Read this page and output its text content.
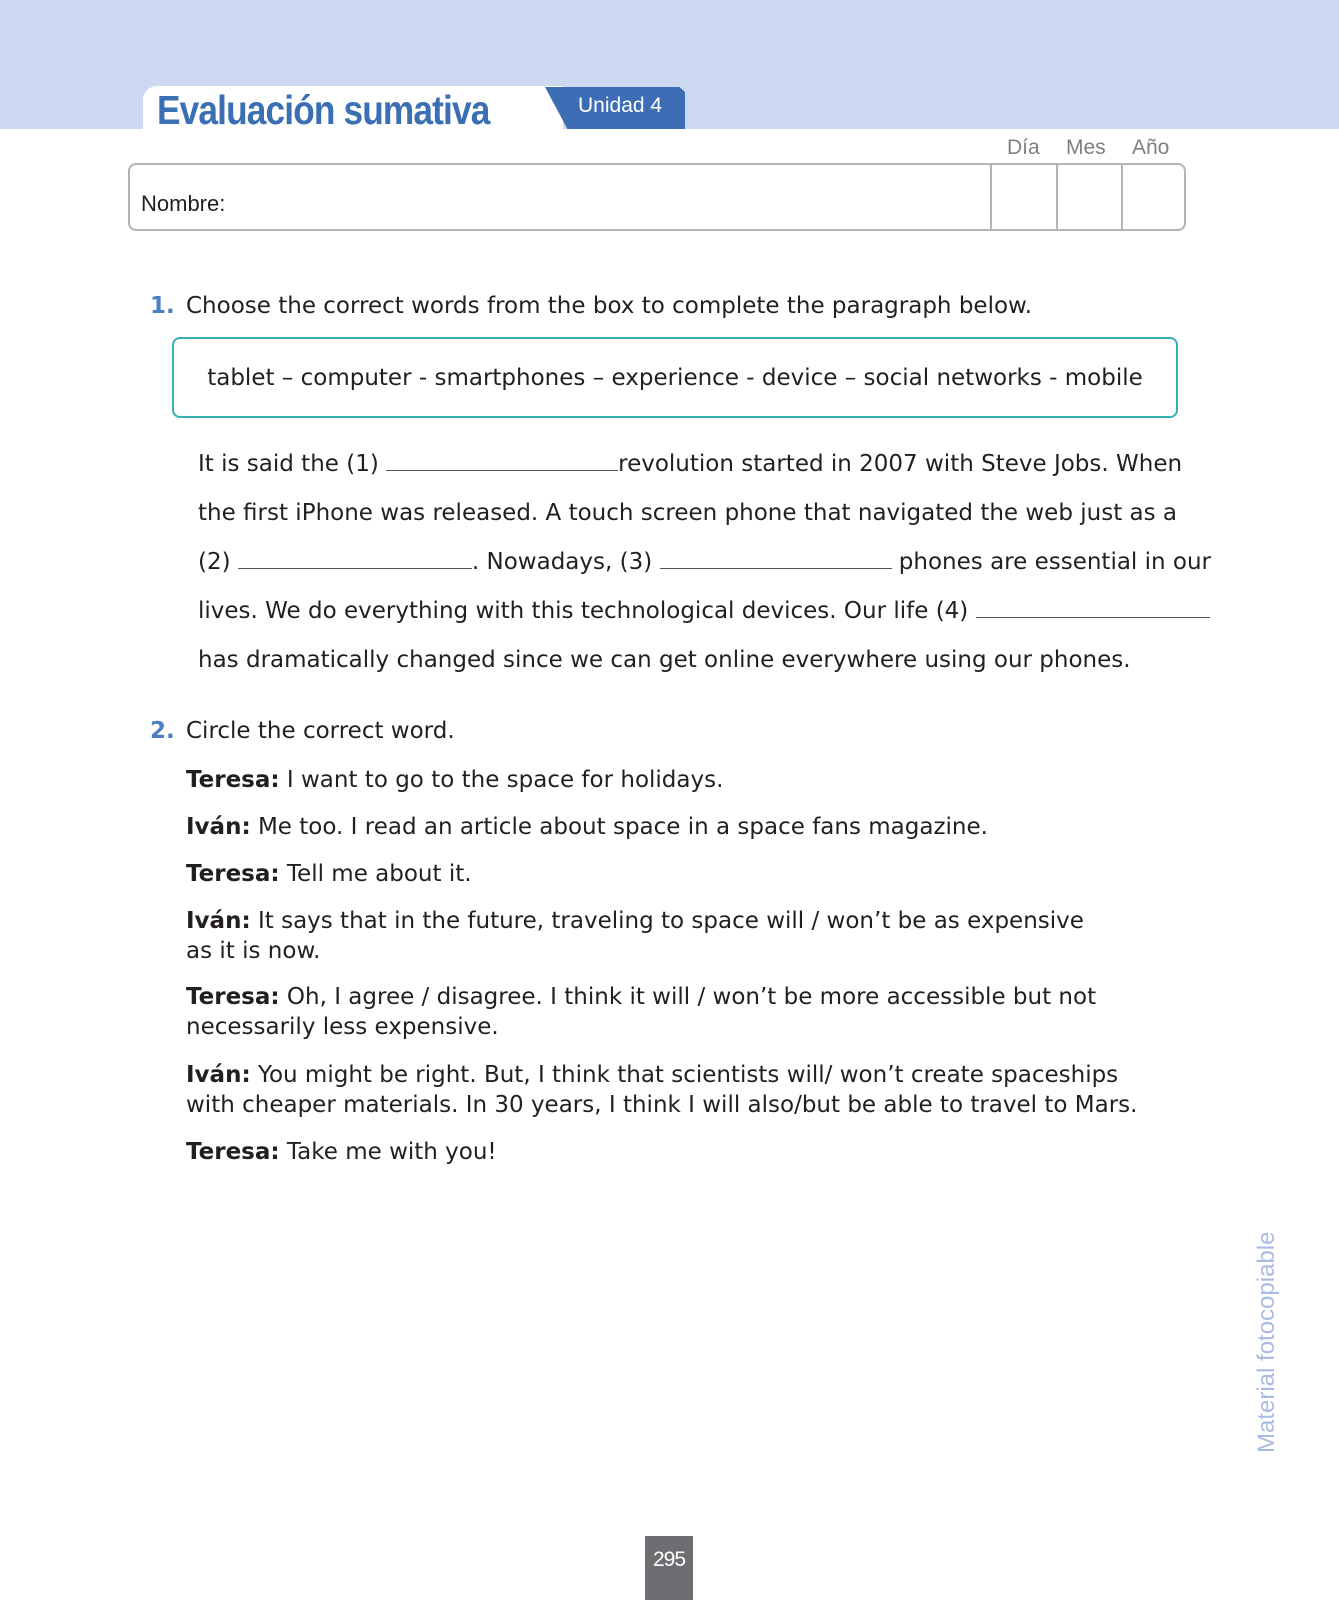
Evaluación sumativa	Unidad 4
Día Mes Año
Nombre:
1. Choose the correct words from the box to complete the paragraph below.
tablet – computer - smartphones – experience - device – social networks - mobile
It is said the (1)	revolution started in 2007 with Steve Jobs. When
the first iPhone was released. A touch screen phone that navigated the web just as a
(2)	. Nowadays, (3)	phones are essential in our
lives. We do everything with this technological devices. Our life (4)
has dramatically changed since we can get online everywhere using our phones.
2. Circle the correct word.
Teresa: I want to go to the space for holidays.
Iván: Me too. I read an article about space in a space fans magazine.
Teresa: Tell me about it.
Iván: It says that in the future, traveling to space will / won’t be as expensive as it is now.
Teresa: Oh, I agree / disagree. I think it will / won’t be more accessible but not necessarily less expensive.
Iván: You might be right. But, I think that scientists will/ won’t create spaceships with cheaper materials. In 30 years, I think I will also/but be able to travel to Mars.
Teresa: Take me with you!
Material fotocopiable
295
